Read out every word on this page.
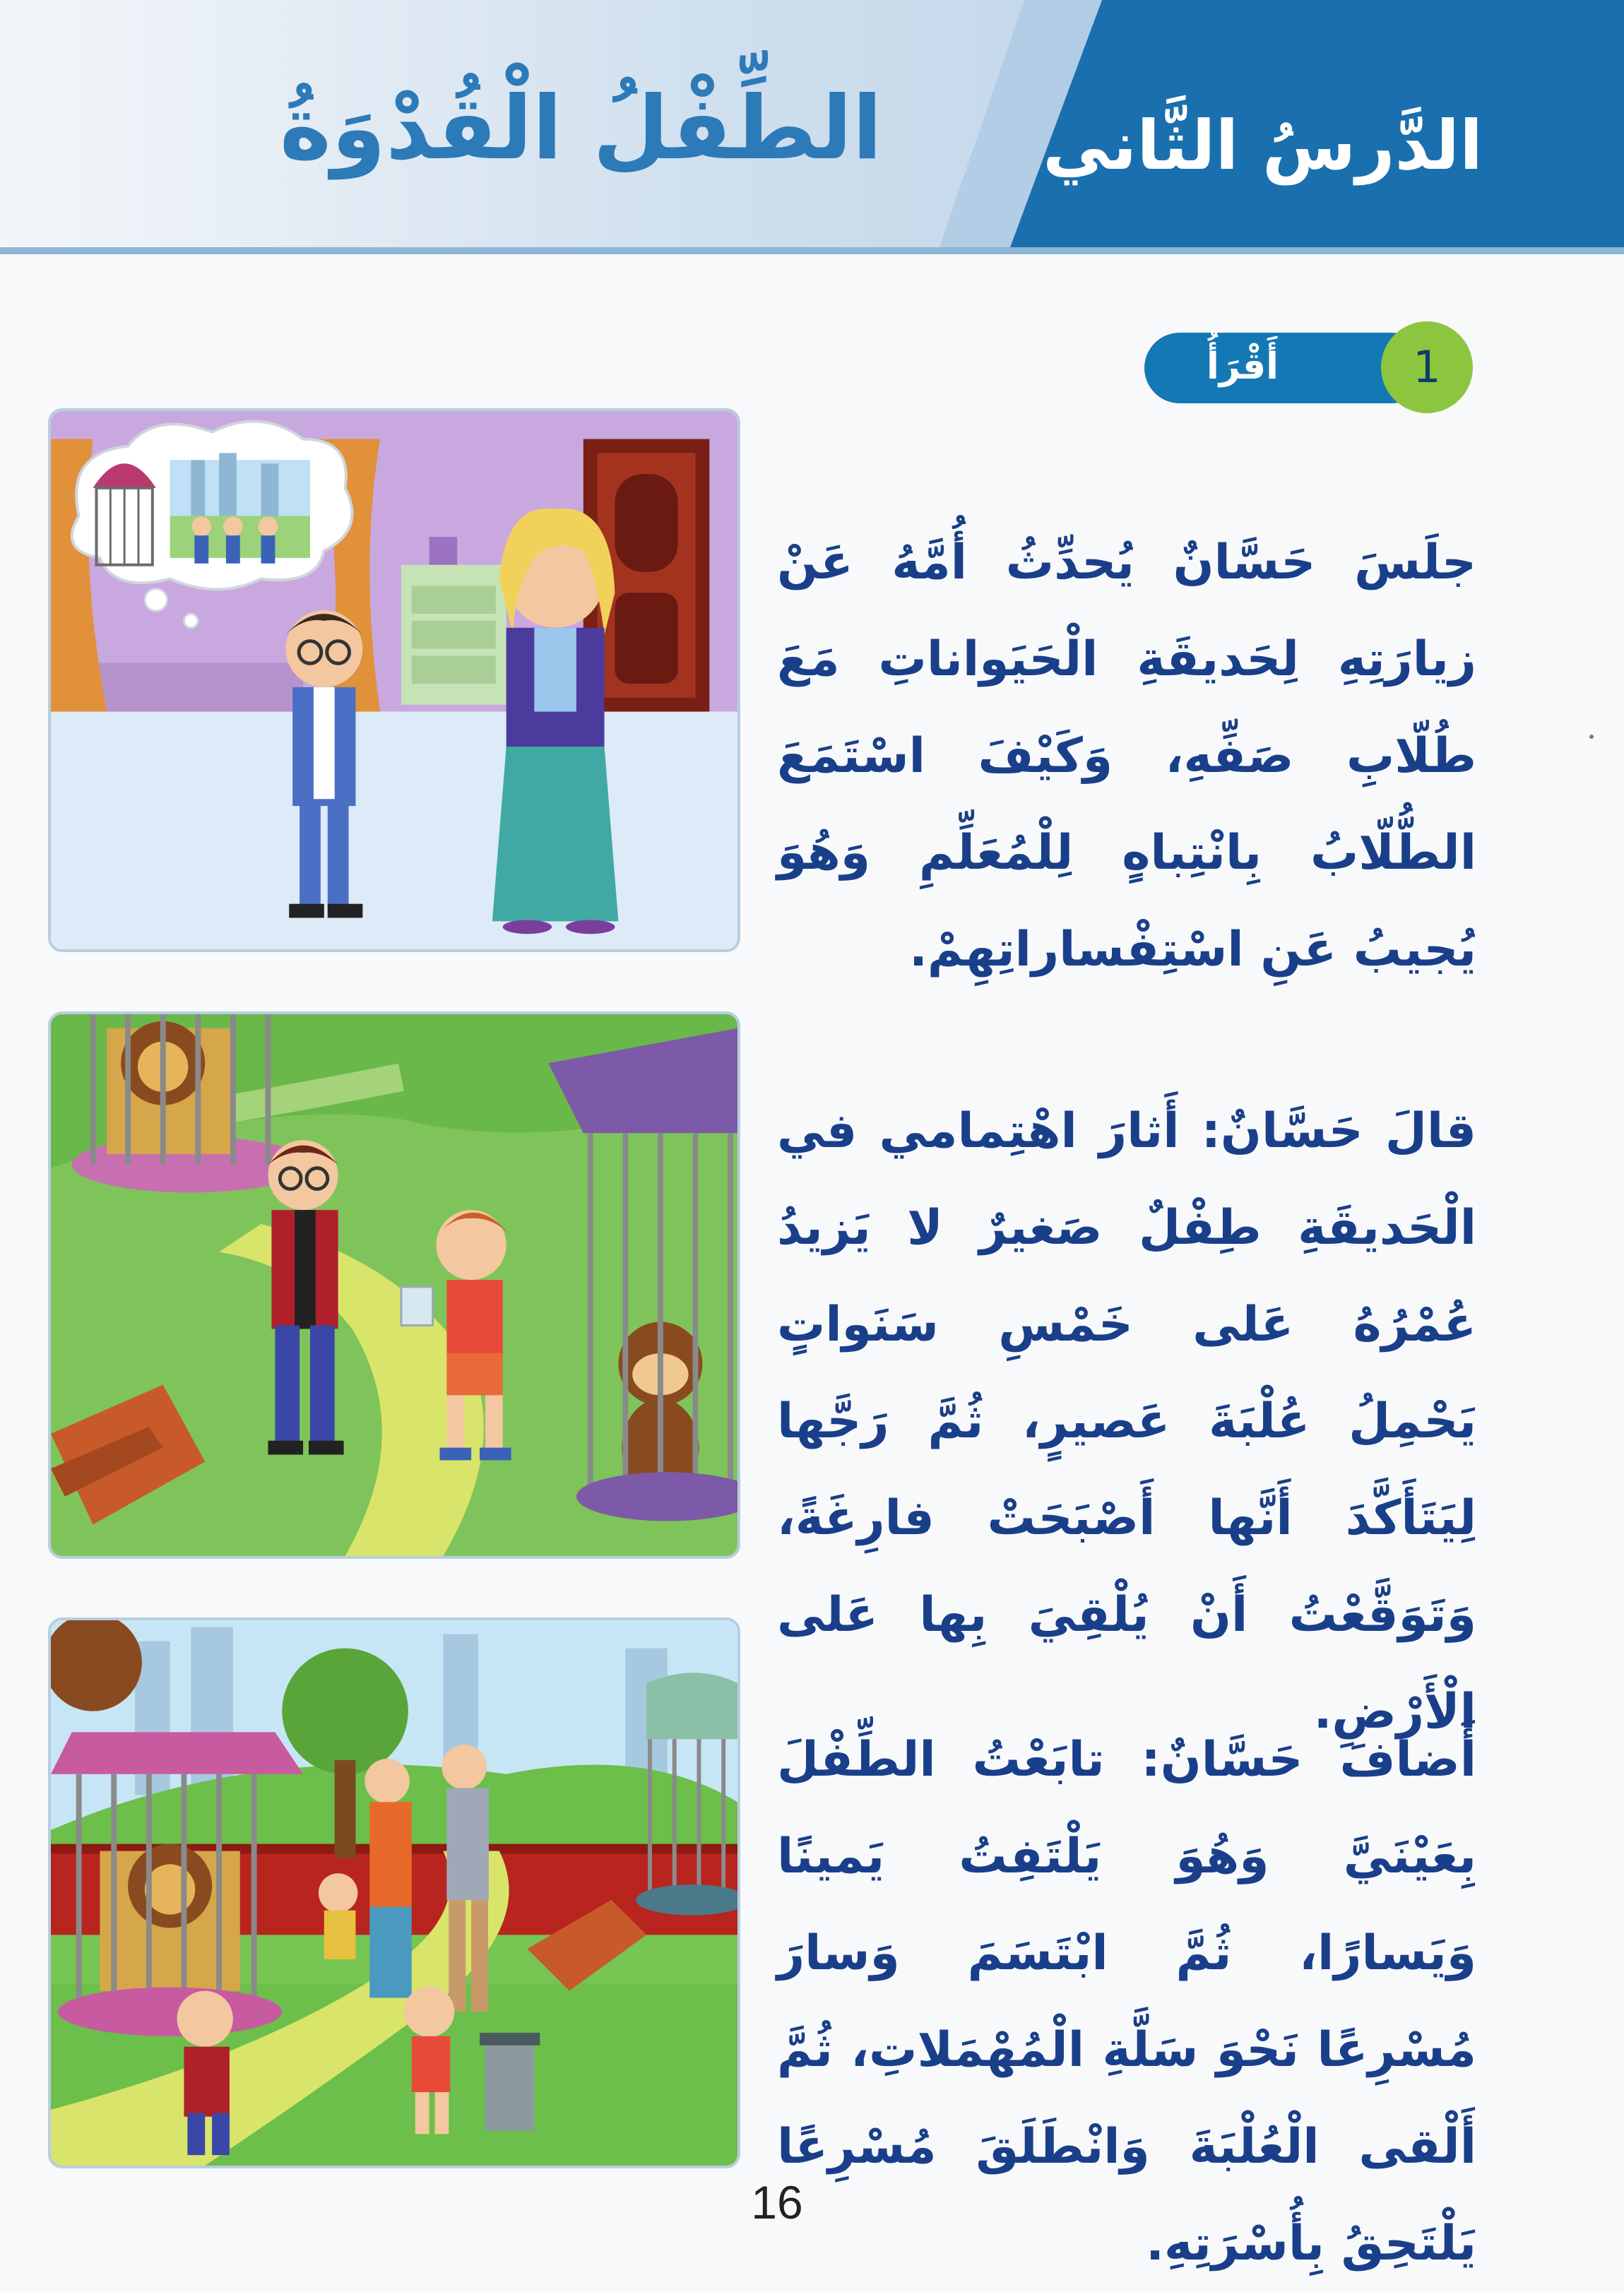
الدَّرسُ الثَّاني
الطِّفْلُ الْقُدْوَةُ
أَقْرَأُ	1

جلَسَ حَسَّانٌ يُحدِّثُ أُمَّهُ عَنْ زيارَتِهِ لِحَديقَةِ الْحَيَواناتِ مَعَ طُلّابِ صَفِّهِ، وَكَيْفَ اسْتَمَعَ الطُّلّابُ بِانْتِباهٍ لِلْمُعَلِّمِ وَهُوَ يُجيبُ عَنِ اسْتِفْساراتِهِمْ.

قالَ حَسَّانٌ: أَثارَ اهْتِمامي في الْحَديقَةِ طِفْلٌ صَغيرٌ لا يَزيدُ عُمْرُهُ عَلى خَمْسِ سَنَواتٍ يَحْمِلُ عُلْبَةَ عَصيرٍ، ثُمَّ رَجَّها لِيَتَأَكَّدَ أَنَّها أَصْبَحَتْ فارِغَةً، وَتَوَقَّعْتُ أَنْ يُلْقِيَ بِها عَلى الْأَرْضِ.

أَضافَ حَسَّانٌ: تابَعْتُ الطِّفْلَ بِعَيْنَيَّ وَهُوَ يَلْتَفِتُ يَمينًا وَيَسارًا، ثُمَّ ابْتَسَمَ وَسارَ مُسْرِعًا نَحْوَ سَلَّةِ الْمُهْمَلاتِ، ثُمَّ أَلْقى الْعُلْبَةَ وَانْطَلَقَ مُسْرِعًا يَلْتَحِقُ بِأُسْرَتِهِ.

16
